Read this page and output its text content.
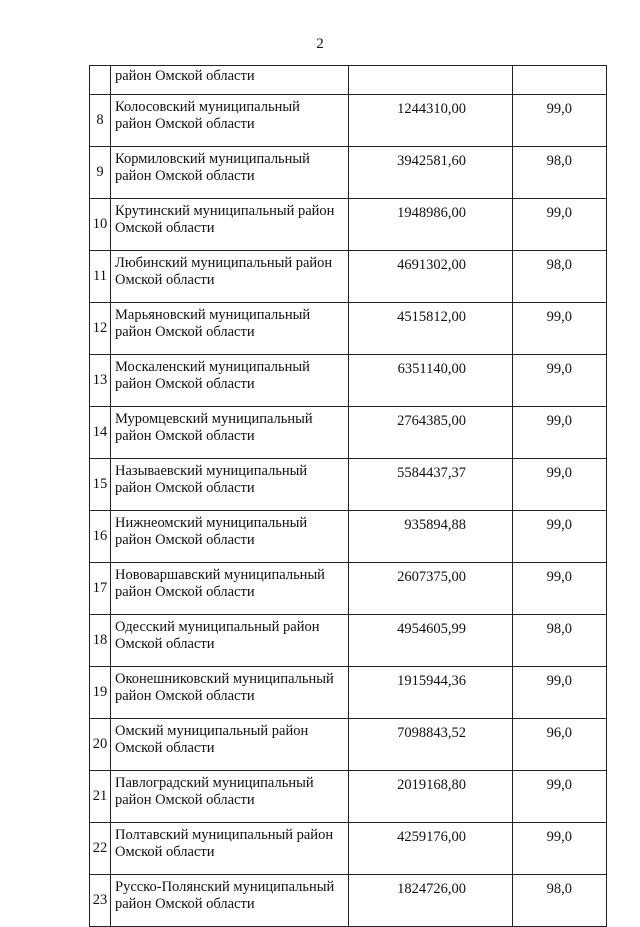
2

	район Омской области		

8	Колосовский муниципальный
район Омской области	1244310,00	99,0
9	Кормиловский муниципальный
район Омской области	3942581,60	98,0
10	Крутинский муниципальный район
Омской области	1948986,00	99,0
11	Любинский муниципальный район
Омской области	4691302,00	98,0
12	Марьяновский муниципальный
район Омской области	4515812,00	99,0
13	Москаленский муниципальный
район Омской области	6351140,00	99,0
14	Муромцевский муниципальный
район Омской области	2764385,00	99,0
15	Называевский муниципальный
район Омской области	5584437,37	99,0
16	Нижнеомский муниципальный
район Омской области	935894,88	99,0
17	Нововаршавский муниципальный
район Омской области	2607375,00	99,0
18	Одесский муниципальный район
Омской области	4954605,99	98,0
19	Оконешниковский муниципальный
район Омской области	1915944,36	99,0
20	Омский муниципальный район
Омской области	7098843,52	96,0
21	Павлоградский муниципальный
район Омской области	2019168,80	99,0
22	Полтавский муниципальный район
Омской области	4259176,00	99,0
23	Русско-Полянский муниципальный
район Омской области	1824726,00	98,0
